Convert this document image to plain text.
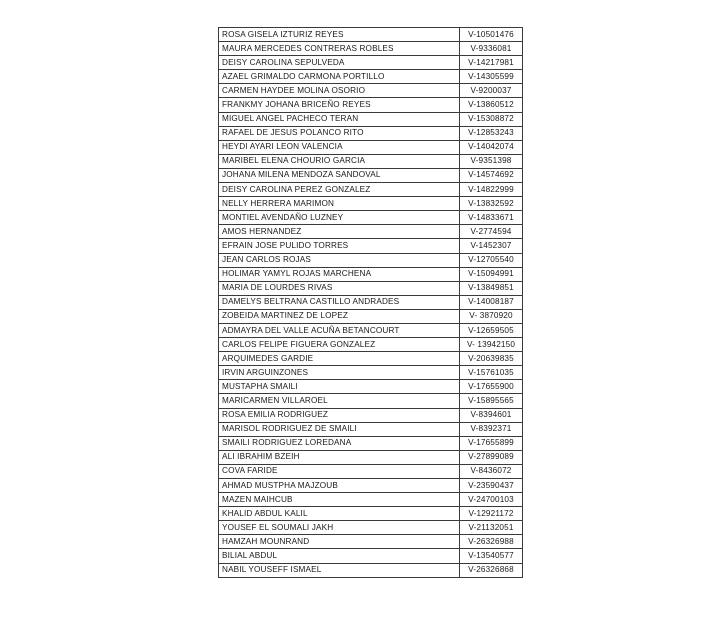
ROSA GISELA IZTURIZ REYES	V-10501476
MAURA MERCEDES CONTRERAS ROBLES	V-9336081
DEISY CAROLINA SEPULVEDA	V-14217981
AZAEL GRIMALDO CARMONA PORTILLO	V-14305599
CARMEN HAYDEE MOLINA OSORIO	V-9200037
FRANKMY JOHANA BRICEÑO REYES	V-13860512
MIGUEL ANGEL PACHECO TERAN	V-15308872
RAFAEL DE JESUS POLANCO RITO	V-12853243
HEYDI AYARI LEON VALENCIA	V-14042074
MARIBEL ELENA CHOURIO GARCIA	V-9351398
JOHANA MILENA MENDOZA SANDOVAL	V-14574692
DEISY CAROLINA PEREZ GONZALEZ	V-14822999
NELLY HERRERA MARIMON	V-13832592
MONTIEL AVENDAÑO LUZNEY	V-14833671
AMOS HERNANDEZ	V-2774594
EFRAIN JOSE PULIDO TORRES	V-1452307
JEAN CARLOS ROJAS	V-12705540
HOLIMAR YAMYL ROJAS MARCHENA	V-15094991
MARIA DE LOURDES RIVAS	V-13849851
DAMELYS BELTRANA CASTILLO ANDRADES	V-14008187
ZOBEIDA MARTINEZ DE LOPEZ	V- 3870920
ADMAYRA DEL VALLE ACUÑA BETANCOURT	V-12659505
CARLOS FELIPE FIGUERA GONZALEZ	V- 13942150
ARQUIMEDES GARDIE	V-20639835
IRVIN ARGUINZONES	V-15761035
MUSTAPHA SMAILI	V-17655900
MARICARMEN VILLAROEL	V-15895565
ROSA EMILIA RODRIGUEZ	V-8394601
MARISOL RODRIGUEZ DE SMAILI	V-8392371
SMAILI RODRIGUEZ LOREDANA	V-17655899
ALI IBRAHIM BZEIH	V-27899089
COVA FARIDE	V-8436072
AHMAD MUSTPHA MAJZOUB	V-23590437
MAZEN MAIHCUB	V-24700103
KHALID ABDUL KALIL	V-12921172
YOUSEF EL SOUMALI JAKH	V-21132051
HAMZAH MOUNRAND	V-26326988
BILIAL ABDUL	V-13540577
NABIL YOUSEFF ISMAEL	V-26326868
